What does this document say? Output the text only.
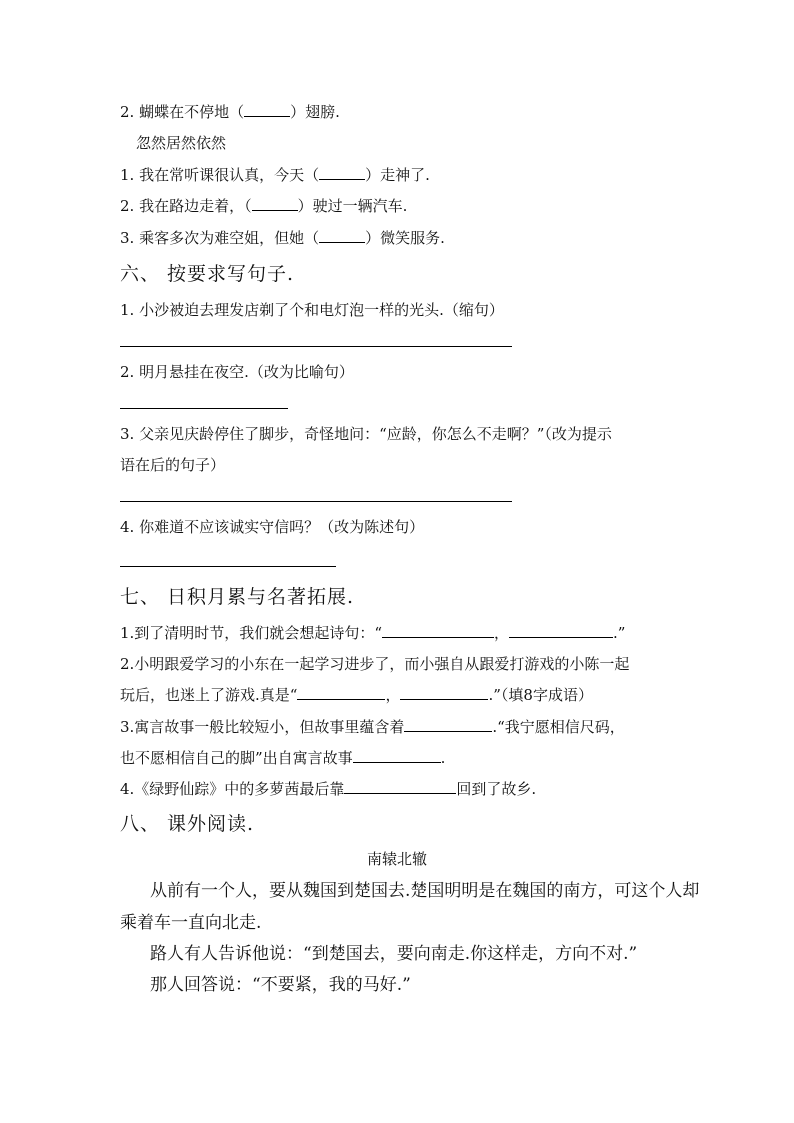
2. 蝴蝶在不停地（	）翅膀.
忽然居然依然
1. 我在常听课很认真，今天（	）走神了.
2. 我在路边走着，（	）驶过一辆汽车.
3. 乘客多次为难空姐，但她（	）微笑服务.
六、 按要求写句子.
1. 小沙被迫去理发店剃了个和电灯泡一样的光头.（缩句）
2. 明月悬挂在夜空.（改为比喻句）
3. 父亲见庆龄停住了脚步，奇怪地问：“应龄，你怎么不走啊？”（改为提示
语在后的句子）
4. 你难道不应该诚实守信吗？（改为陈述句）
七、 日积月累与名著拓展.
1.到了清明时节，我们就会想起诗句：“	，	.”
2.小明跟爱学习的小东在一起学习进步了，而小强自从跟爱打游戏的小陈一起
玩后，也迷上了游戏.真是“	，	.”（填8字成语）
3.寓言故事一般比较短小，但故事里蕴含着	.“我宁愿相信尺码，
也不愿相信自己的脚”出自寓言故事	.
4.《绿野仙踪》中的多萝茜最后靠	回到了故乡.
八、 课外阅读.
南辕北辙
从前有一个人，要从魏国到楚国去.楚国明明是在魏国的南方，可这个人却
乘着车一直向北走.
路人有人告诉他说：“到楚国去，要向南走.你这样走，方向不对.”
那人回答说：“不要紧，我的马好.”
